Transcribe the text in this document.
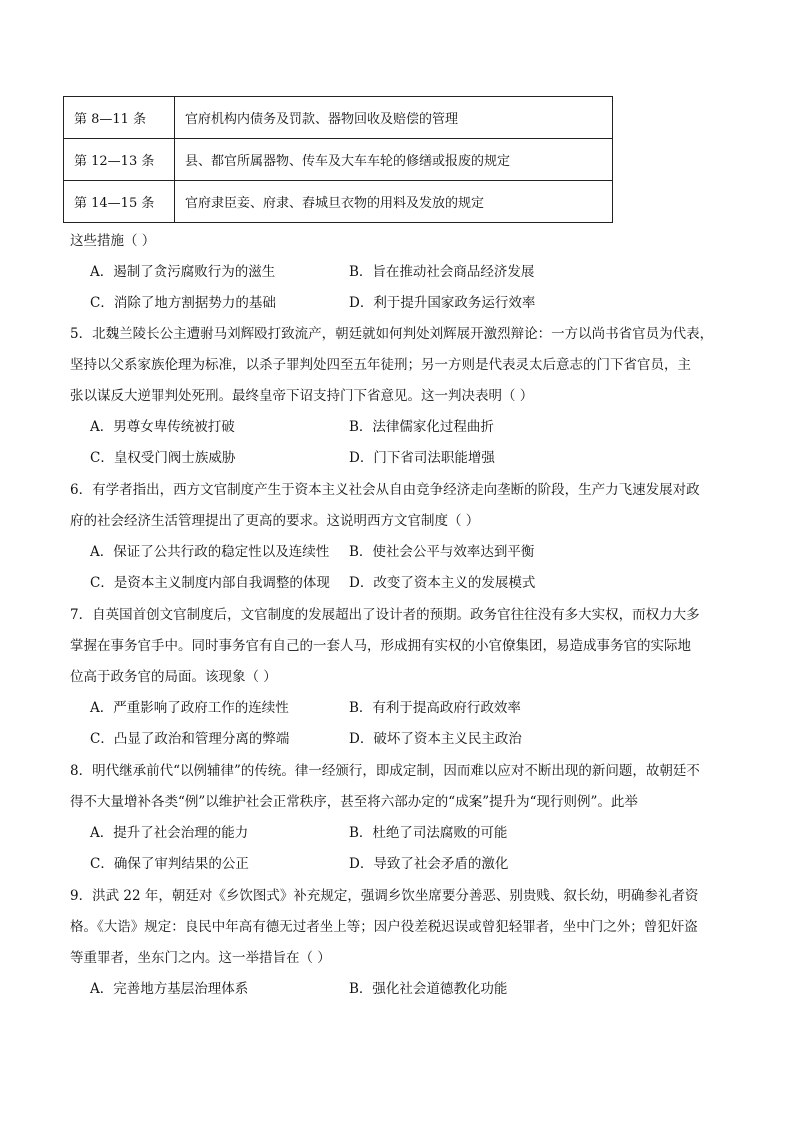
第 8—11 条	官府机构内债务及罚款、器物回收及赔偿的管理
第 12—13 条	县、都官所属器物、传车及大车车轮的修缮或报废的规定
第 14—15 条	官府隶臣妾、府隶、舂城旦衣物的用料及发放的规定
这些措施（ ）
A．遏制了贪污腐败行为的滋生	B．旨在推动社会商品经济发展
C．消除了地方割据势力的基础	D．利于提升国家政务运行效率
5．北魏兰陵长公主遭驸马刘辉殴打致流产，朝廷就如何判处刘辉展开激烈辩论：一方以尚书省官员为代表，
坚持以父系家族伦理为标准，以杀子罪判处四至五年徒刑；另一方则是代表灵太后意志的门下省官员，主
张以谋反大逆罪判处死刑。最终皇帝下诏支持门下省意见。这一判决表明（ ）
A．男尊女卑传统被打破	B．法律儒家化过程曲折
C．皇权受门阀士族威胁	D．门下省司法职能增强
6．有学者指出，西方文官制度产生于资本主义社会从自由竞争经济走向垄断的阶段，生产力飞速发展对政
府的社会经济生活管理提出了更高的要求。这说明西方文官制度（ ）
A．保证了公共行政的稳定性以及连续性 B．使社会公平与效率达到平衡
C．是资本主义制度内部自我调整的体现 D．改变了资本主义的发展模式
7．自英国首创文官制度后，文官制度的发展超出了设计者的预期。政务官往往没有多大实权，而权力大多
掌握在事务官手中。同时事务官有自己的一套人马，形成拥有实权的小官僚集团，易造成事务官的实际地
位高于政务官的局面。该现象（ ）
A．严重影响了政府工作的连续性	B．有利于提高政府行政效率
C．凸显了政治和管理分离的弊端	D．破坏了资本主义民主政治
8．明代继承前代“以例辅律”的传统。律一经颁行，即成定制，因而难以应对不断出现的新问题，故朝廷不
得不大量增补各类“例”以维护社会正常秩序，甚至将六部办定的“成案”提升为“现行则例”。此举
A．提升了社会治理的能力	B．杜绝了司法腐败的可能
C．确保了审判结果的公正	D．导致了社会矛盾的激化
9．洪武 22 年，朝廷对《乡饮图式》补充规定，强调乡饮坐席要分善恶、别贵贱、叙长幼，明确参礼者资
格。《大诰》规定：良民中年高有德无过者坐上等；因户役差税迟误或曾犯轻罪者，坐中门之外；曾犯奸盗
等重罪者，坐东门之内。这一举措旨在（ ）
A．完善地方基层治理体系	B．强化社会道德教化功能
